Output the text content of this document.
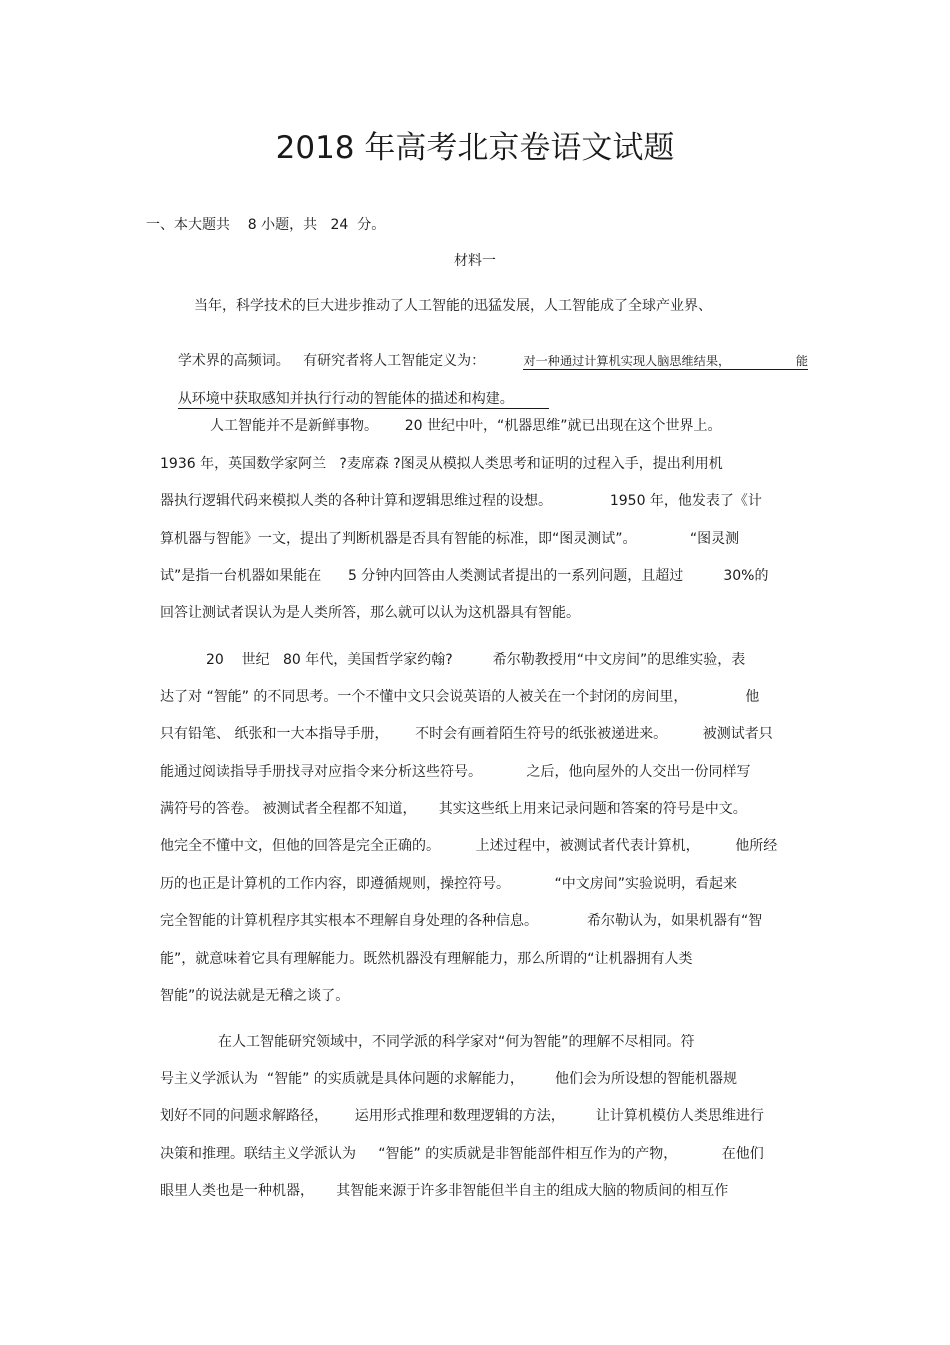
2018 年高考北京卷语文试题
一、本大题共    8 小题，共   24  分。
材料一
当年，科学技术的巨大进步推动了人工智能的迅猛发展，人工智能成了全球产业界、

学术界的高频词。   有研究者将人工智能定义为：
	对一种通过计算机实现人脑思维结果，	能

从环境中获取感知并执行行动的智能体的描述和构建。

人工智能并不是新鲜事物。      20 世纪中叶，“机器思维”就已出现在这个世界上。
1936 年，英国数学家阿兰   ?麦席森 ?图灵从模拟人类思考和证明的过程入手，提出利用机
器执行逻辑代码来模拟人类的各种计算和逻辑思维过程的设想。             1950 年，他发表了《计
算机器与智能》一文，提出了判断机器是否具有智能的标准，即“图灵测试”。            “图灵测
试”是指一台机器如果能在      5 分钟内回答由人类测试者提出的一系列问题，且超过         30%的
回答让测试者误认为是人类所答，那么就可以认为这机器具有智能。
20    世纪   80 年代，美国哲学家约翰?         希尔勒教授用“中文房间”的思维实验，表
达了对 “智能” 的不同思考。一个不懂中文只会说英语的人被关在一个封闭的房间里，             他
只有铅笔、 纸张和一大本指导手册，      不时会有画着陌生符号的纸张被递进来。        被测试者只
能通过阅读指导手册找寻对应指令来分析这些符号。          之后，他向屋外的人交出一份同样写
满符号的答卷。 被测试者全程都不知道，     其实这些纸上用来记录问题和答案的符号是中文。
他完全不懂中文，但他的回答是完全正确的。        上述过程中，被测试者代表计算机，        他所经
历的也正是计算机的工作内容，即遵循规则，操控符号。          “中文房间”实验说明，看起来
完全智能的计算机程序其实根本不理解自身处理的各种信息。           希尔勒认为，如果机器有“智
能”，就意味着它具有理解能力。既然机器没有理解能力，那么所谓的“让机器拥有人类
智能”的说法就是无稽之谈了。
在人工智能研究领域中，不同学派的科学家对“何为智能”的理解不尽相同。符
号主义学派认为  “智能” 的实质就是具体问题的求解能力，       他们会为所设想的智能机器规
划好不同的问题求解路径，      运用形式推理和数理逻辑的方法，       让计算机模仿人类思维进行
决策和推理。联结主义学派认为     “智能” 的实质就是非智能部件相互作为的产物，          在他们
眼里人类也是一种机器，     其智能来源于许多非智能但半自主的组成大脑的物质间的相互作
